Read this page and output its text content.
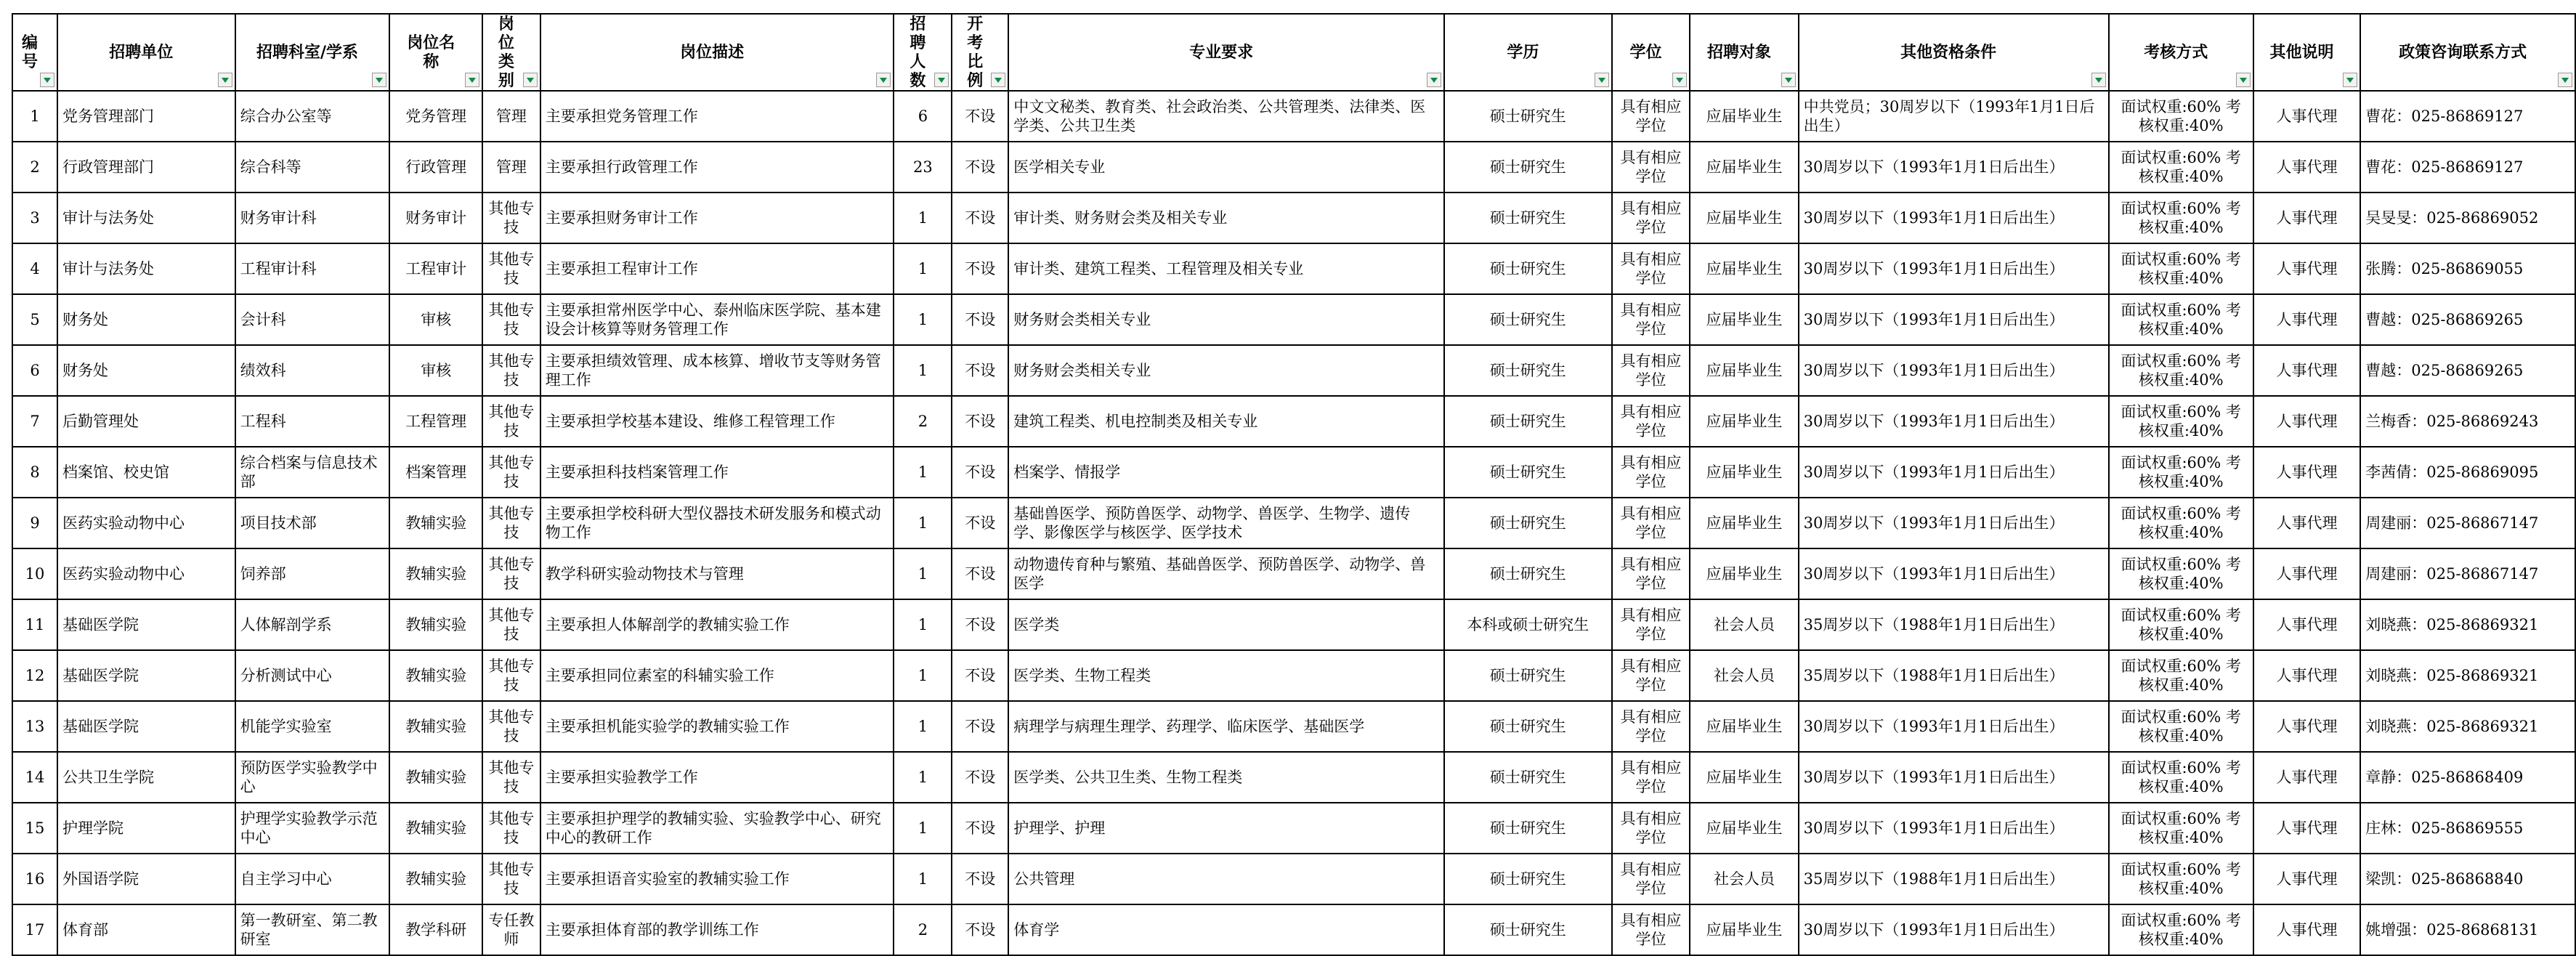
编号	招聘单位	招聘科室/学系	岗位名称	岗位类别	岗位描述	招聘人数	开考比例	专业要求	学历	学位	招聘对象	其他资格条件	考核方式	其他说明	政策咨询联系方式

1	党务管理部门	综合办公室等	党务管理	管理	主要承担党务管理工作	6	不设	中文文秘类、教育类、社会政治类、公共管理类、法律类、医学类、公共卫生类	硕士研究生	具有相应学位	应届毕业生	中共党员；30周岁以下（1993年1月1日后出生）	面试权重:60% 考核权重:40%	人事代理	曹花：025-86869127
2	行政管理部门	综合科等	行政管理	管理	主要承担行政管理工作	23	不设	医学相关专业	硕士研究生	具有相应学位	应届毕业生	30周岁以下（1993年1月1日后出生）	面试权重:60% 考核权重:40%	人事代理	曹花：025-86869127
3	审计与法务处	财务审计科	财务审计	其他专技	主要承担财务审计工作	1	不设	审计类、财务财会类及相关专业	硕士研究生	具有相应学位	应届毕业生	30周岁以下（1993年1月1日后出生）	面试权重:60% 考核权重:40%	人事代理	吴旻旻：025-86869052
4	审计与法务处	工程审计科	工程审计	其他专技	主要承担工程审计工作	1	不设	审计类、建筑工程类、工程管理及相关专业	硕士研究生	具有相应学位	应届毕业生	30周岁以下（1993年1月1日后出生）	面试权重:60% 考核权重:40%	人事代理	张腾：025-86869055
5	财务处	会计科	审核	其他专技	主要承担常州医学中心、泰州临床医学院、基本建设会计核算等财务管理工作	1	不设	财务财会类相关专业	硕士研究生	具有相应学位	应届毕业生	30周岁以下（1993年1月1日后出生）	面试权重:60% 考核权重:40%	人事代理	曹越：025-86869265
6	财务处	绩效科	审核	其他专技	主要承担绩效管理、成本核算、增收节支等财务管理工作	1	不设	财务财会类相关专业	硕士研究生	具有相应学位	应届毕业生	30周岁以下（1993年1月1日后出生）	面试权重:60% 考核权重:40%	人事代理	曹越：025-86869265
7	后勤管理处	工程科	工程管理	其他专技	主要承担学校基本建设、维修工程管理工作	2	不设	建筑工程类、机电控制类及相关专业	硕士研究生	具有相应学位	应届毕业生	30周岁以下（1993年1月1日后出生）	面试权重:60% 考核权重:40%	人事代理	兰梅香：025-86869243
8	档案馆、校史馆	综合档案与信息技术部	档案管理	其他专技	主要承担科技档案管理工作	1	不设	档案学、情报学	硕士研究生	具有相应学位	应届毕业生	30周岁以下（1993年1月1日后出生）	面试权重:60% 考核权重:40%	人事代理	李茜倩：025-86869095
9	医药实验动物中心	项目技术部	教辅实验	其他专技	主要承担学校科研大型仪器技术研发服务和模式动物工作	1	不设	基础兽医学、预防兽医学、动物学、兽医学、生物学、遗传学、影像医学与核医学、医学技术	硕士研究生	具有相应学位	应届毕业生	30周岁以下（1993年1月1日后出生）	面试权重:60% 考核权重:40%	人事代理	周建丽：025-86867147
10	医药实验动物中心	饲养部	教辅实验	其他专技	教学科研实验动物技术与管理	1	不设	动物遗传育种与繁殖、基础兽医学、预防兽医学、动物学、兽医学	硕士研究生	具有相应学位	应届毕业生	30周岁以下（1993年1月1日后出生）	面试权重:60% 考核权重:40%	人事代理	周建丽：025-86867147
11	基础医学院	人体解剖学系	教辅实验	其他专技	主要承担人体解剖学的教辅实验工作	1	不设	医学类	本科或硕士研究生	具有相应学位	社会人员	35周岁以下（1988年1月1日后出生）	面试权重:60% 考核权重:40%	人事代理	刘晓燕：025-86869321
12	基础医学院	分析测试中心	教辅实验	其他专技	主要承担同位素室的科辅实验工作	1	不设	医学类、生物工程类	硕士研究生	具有相应学位	社会人员	35周岁以下（1988年1月1日后出生）	面试权重:60% 考核权重:40%	人事代理	刘晓燕：025-86869321
13	基础医学院	机能学实验室	教辅实验	其他专技	主要承担机能实验学的教辅实验工作	1	不设	病理学与病理生理学、药理学、临床医学、基础医学	硕士研究生	具有相应学位	应届毕业生	30周岁以下（1993年1月1日后出生）	面试权重:60% 考核权重:40%	人事代理	刘晓燕：025-86869321
14	公共卫生学院	预防医学实验教学中心	教辅实验	其他专技	主要承担实验教学工作	1	不设	医学类、公共卫生类、生物工程类	硕士研究生	具有相应学位	应届毕业生	30周岁以下（1993年1月1日后出生）	面试权重:60% 考核权重:40%	人事代理	章静：025-86868409
15	护理学院	护理学实验教学示范中心	教辅实验	其他专技	主要承担护理学的教辅实验、实验教学中心、研究中心的教研工作	1	不设	护理学、护理	硕士研究生	具有相应学位	应届毕业生	30周岁以下（1993年1月1日后出生）	面试权重:60% 考核权重:40%	人事代理	庄林：025-86869555
16	外国语学院	自主学习中心	教辅实验	其他专技	主要承担语音实验室的教辅实验工作	1	不设	公共管理	硕士研究生	具有相应学位	社会人员	35周岁以下（1988年1月1日后出生）	面试权重:60% 考核权重:40%	人事代理	梁凯：025-86868840
17	体育部	第一教研室、第二教研室	教学科研	专任教师	主要承担体育部的教学训练工作	2	不设	体育学	硕士研究生	具有相应学位	应届毕业生	30周岁以下（1993年1月1日后出生）	面试权重:60% 考核权重:40%	人事代理	姚增强：025-86868131
